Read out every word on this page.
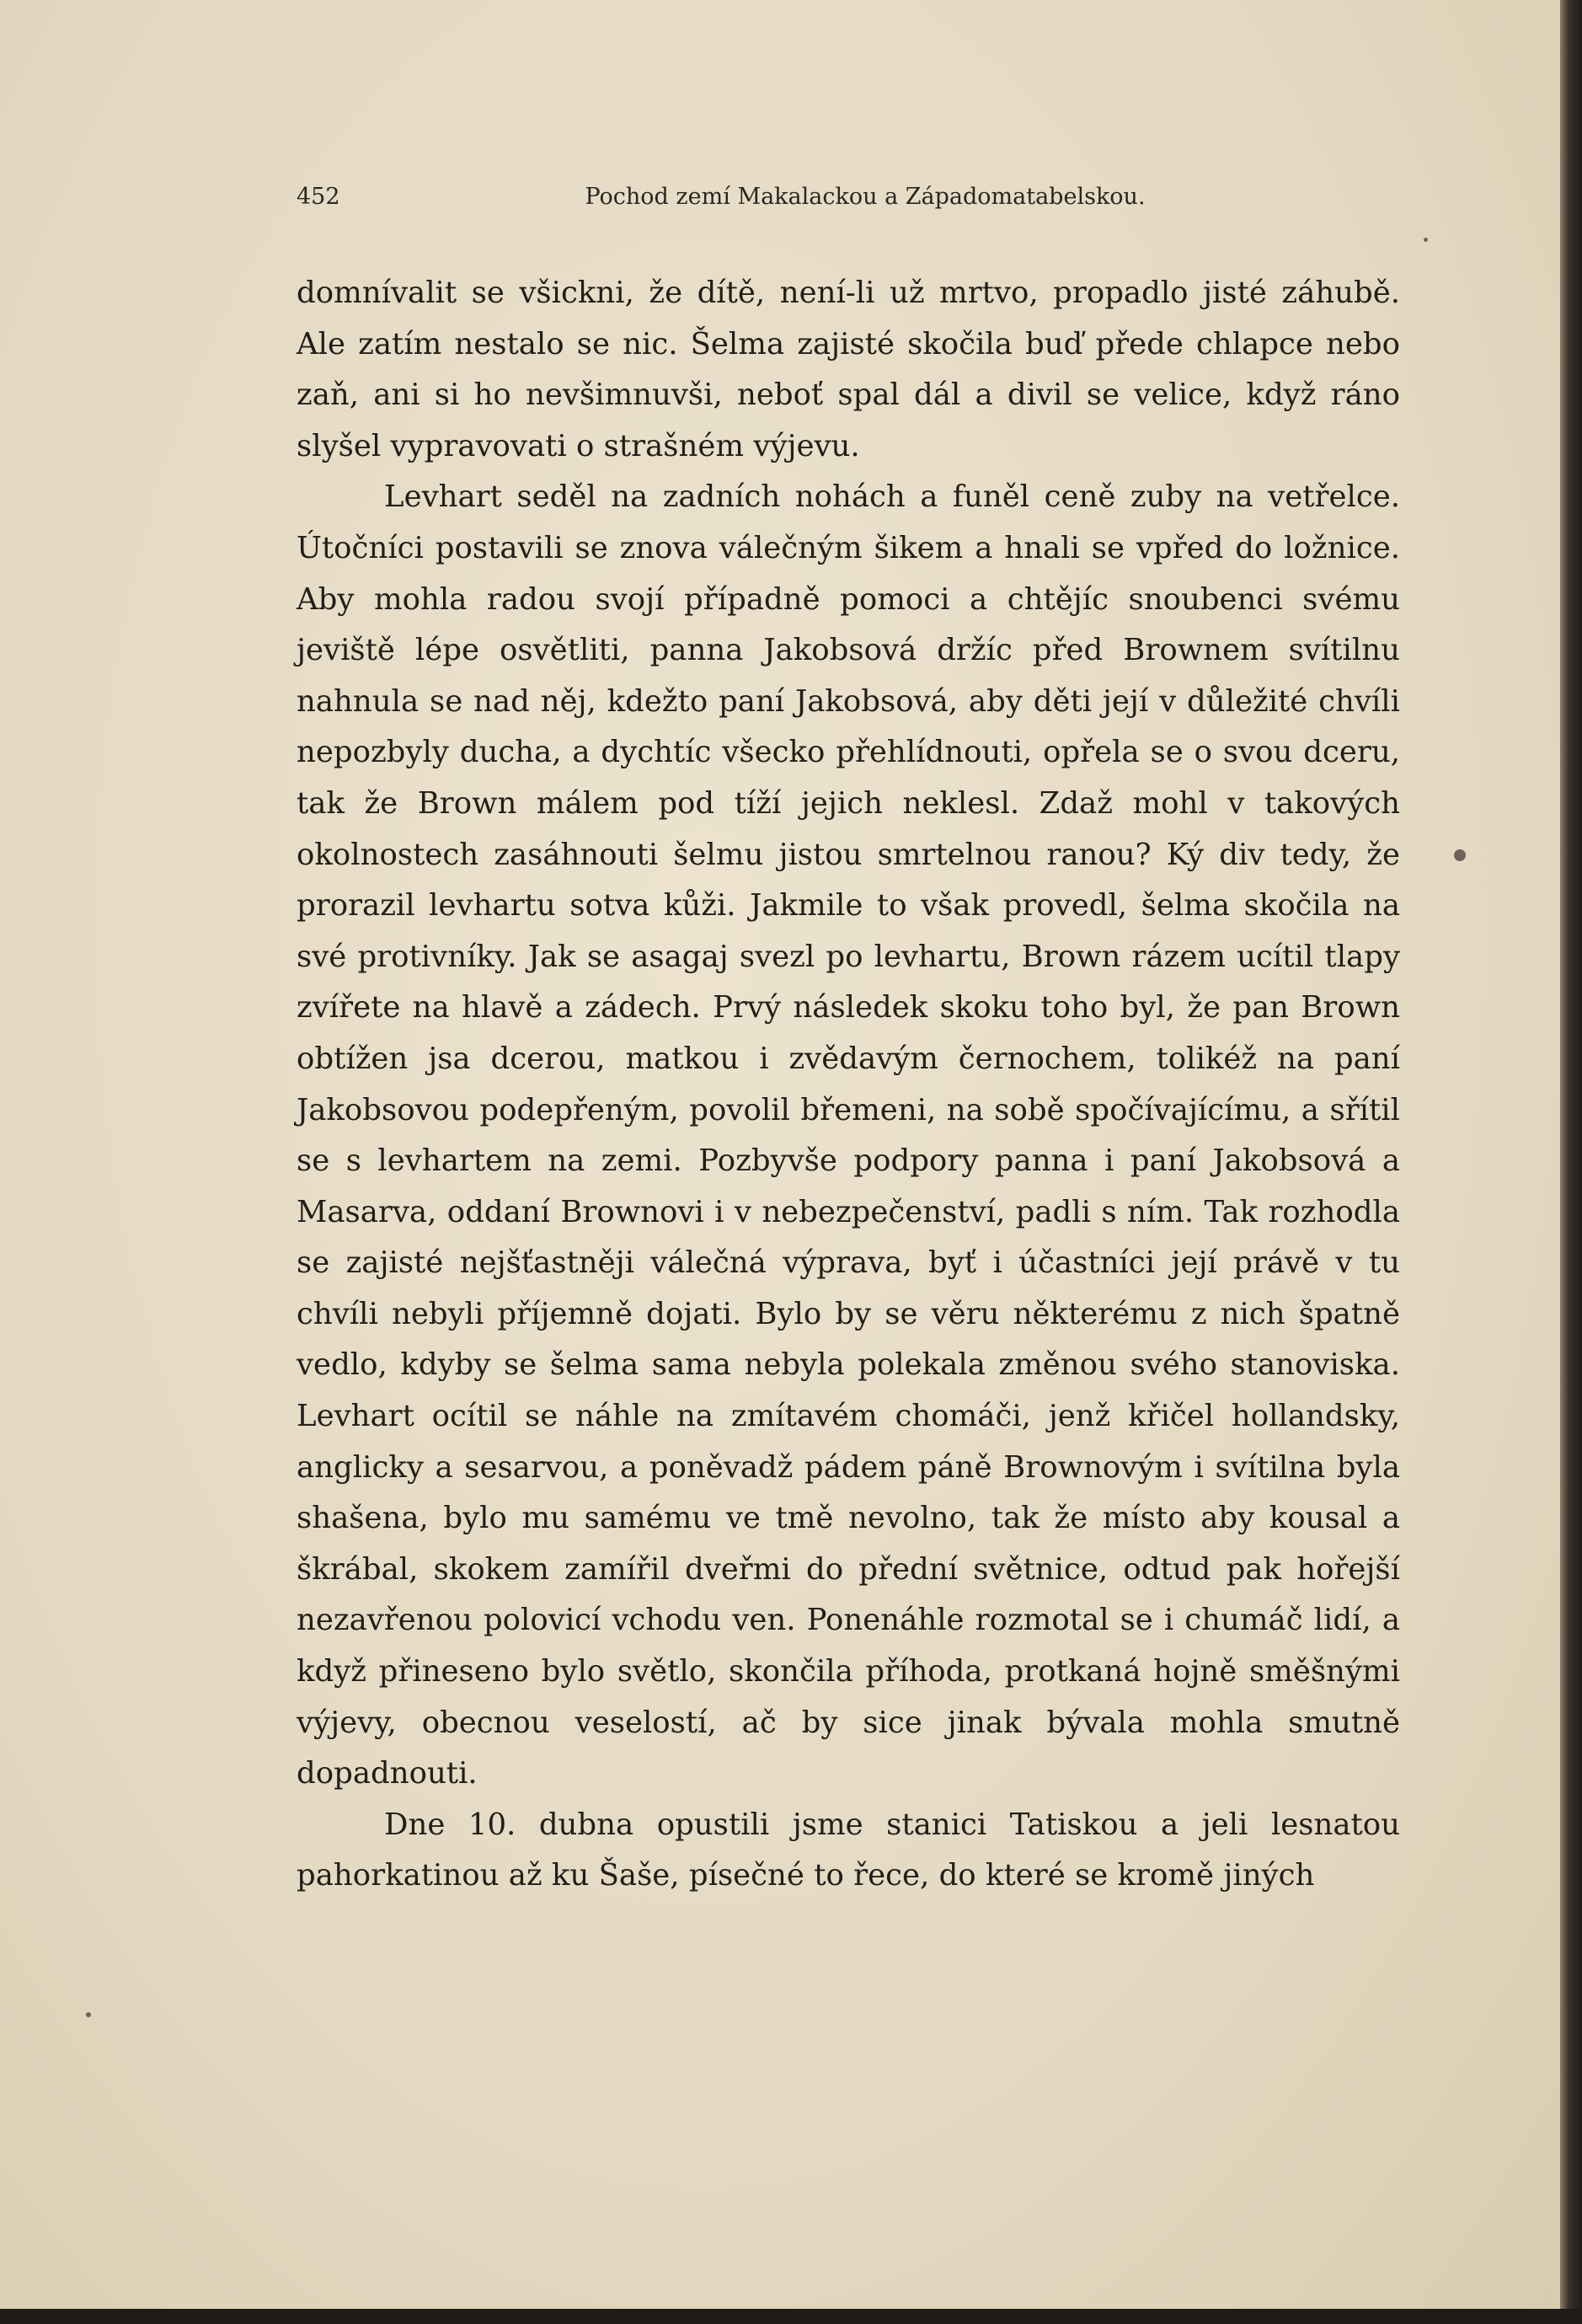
452	Pochod zemí Makalackou a Západomatabelskou.

domnívalit se všickni, že dítě, není-li už mrtvo, propadlo jisté záhubě. Ale zatím nestalo se nic. Šelma zajisté skočila buď přede chlapce nebo zaň, ani si ho nevšimnuvši, neboť spal dál a divil se velice, když ráno slyšel vypravovati o strašném výjevu.

Levhart seděl na zadních nohách a funěl ceně zuby na vetřelce. Útočníci postavili se znova válečným šikem a hnali se vpřed do ložnice. Aby mohla radou svojí případně pomoci a chtějíc snoubenci svému jeviště lépe osvětliti, panna Jakobsová držíc před Brownem svítilnu nahnula se nad něj, kdežto paní Jakobsová, aby děti její v důležité chvíli nepozbyly ducha, a dychtíc všecko přehlídnouti, opřela se o svou dceru, tak že Brown málem pod tíží jejich neklesl. Zdaž mohl v takových okolnostech zasáhnouti šelmu jistou smrtelnou ranou? Ký div tedy, že prorazil levhartu sotva kůži. Jakmile to však provedl, šelma skočila na své protivníky. Jak se asagaj svezl po levhartu, Brown rázem ucítil tlapy zvířete na hlavě a zádech. Prvý následek skoku toho byl, že pan Brown obtížen jsa dcerou, matkou i zvědavým černochem, tolikéž na paní Jakobsovou podepřeným, povolil břemeni, na sobě spočívajícímu, a sřítil se s levhartem na zemi. Pozbyvše podpory panna i paní Jakobsová a Masarva, oddaní Brownovi i v nebezpečenství, padli s ním. Tak rozhodla se zajisté nejšťastněji válečná výprava, byť i účastníci její právě v tu chvíli nebyli příjemně dojati. Bylo by se věru některému z nich špatně vedlo, kdyby se šelma sama nebyla polekala změnou svého stanoviska. Levhart ocítil se náhle na zmítavém chomáči, jenž křičel hollandsky, anglicky a sesarvou, a poněvadž pádem páně Brownovým i svítilna byla shašena, bylo mu samému ve tmě nevolno, tak že místo aby kousal a škrábal, skokem zamířil dveřmi do přední světnice, odtud pak hořejší nezavřenou polovicí vchodu ven. Ponenáhle rozmotal se i chumáč lidí, a když přineseno bylo světlo, skončila příhoda, protkaná hojně směšnými výjevy, obecnou veselostí, ač by sice jinak bývala mohla smutně dopadnouti.

Dne 10. dubna opustili jsme stanici Tatiskou a jeli lesnatou pahorkatinou až ku Šaše, písečné to řece, do které se kromě jiných
